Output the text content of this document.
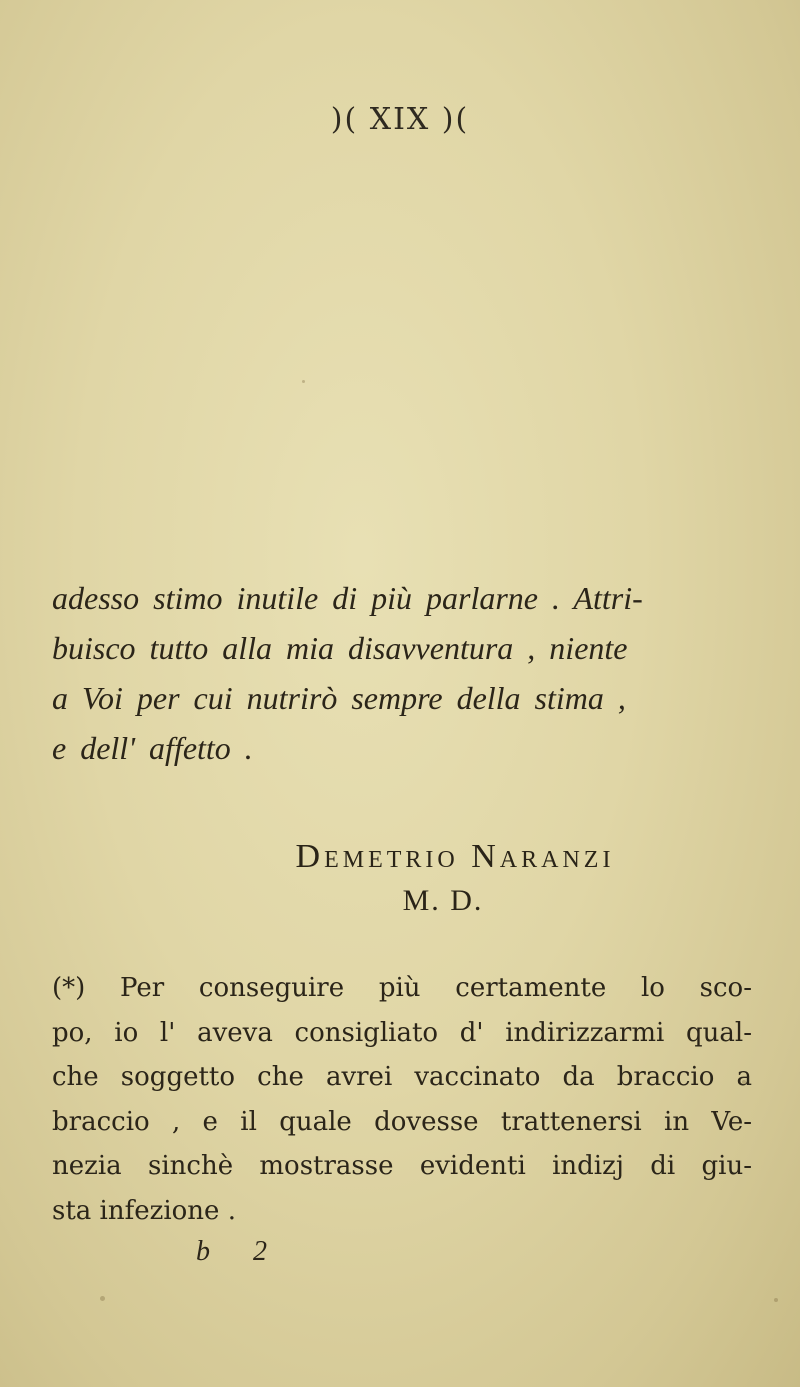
)( XIX )(
adesso stimo inutile di più parlarne . Attri-
buisco tutto alla mia disavventura , niente
a Voi per cui nutrirò sempre della stima ,
e dell' affetto .
Demetrio Naranzi
M. D.
(*) Per conseguire più certamente lo sco-
po, io l' aveva consigliato d' indirizzarmi qual-
che soggetto che avrei vaccinato da braccio a
braccio , e il quale dovesse trattenersi in Ve-
nezia sinchè mostrasse evidenti indizj di giu-
sta infezione .
b 2
